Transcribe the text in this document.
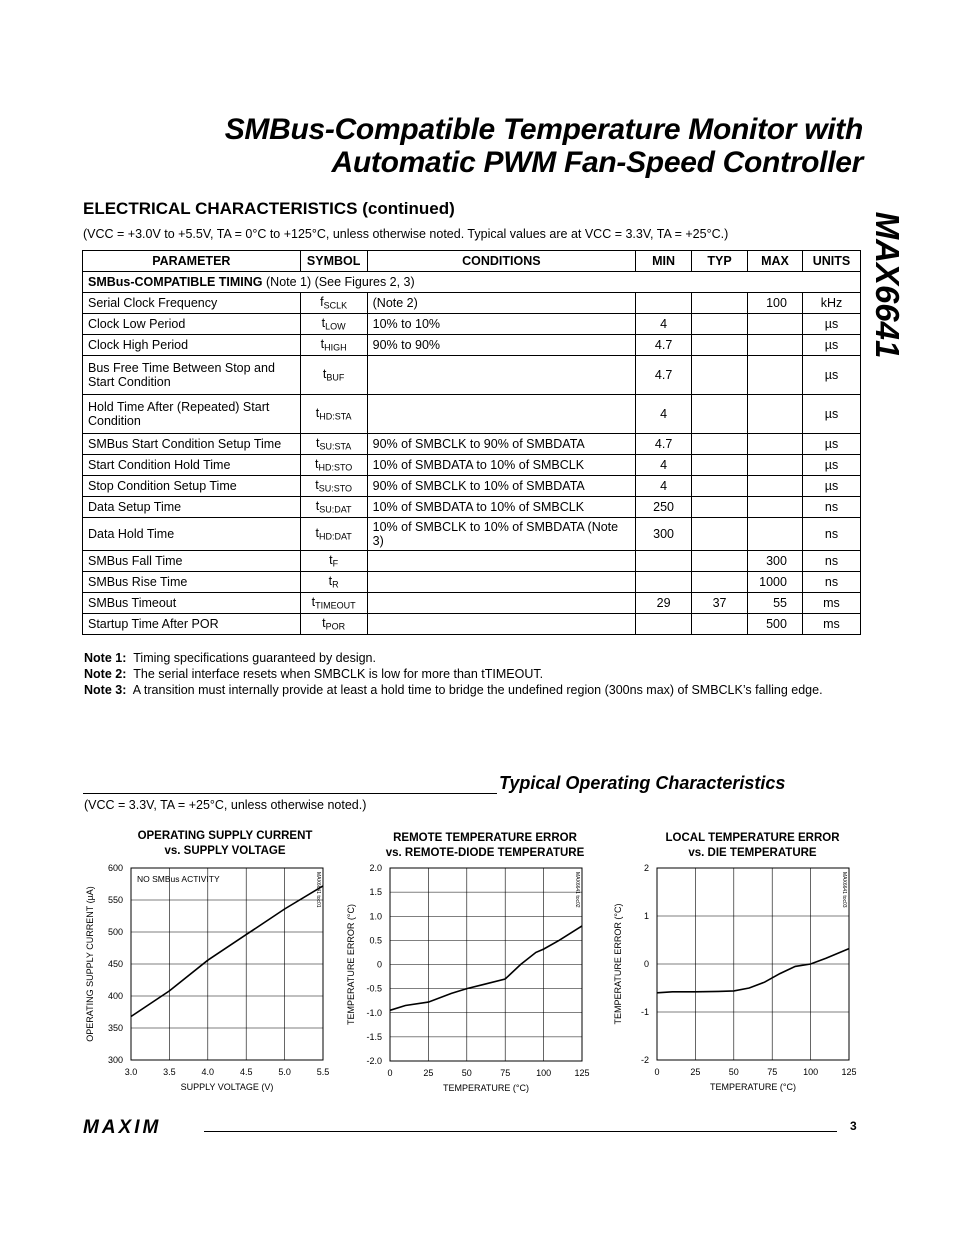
SMBus-Compatible Temperature Monitor with
Automatic PWM Fan-Speed Controller
MAX6641
ELECTRICAL CHARACTERISTICS (continued)
(VCC = +3.0V to +5.5V, TA = 0°C to +125°C, unless otherwise noted. Typical values are at VCC = 3.3V, TA = +25°C.)
PARAMETER	SYMBOL	CONDITIONS	MIN	TYP	MAX	UNITS
SMBus-COMPATIBLE TIMING (Note 1) (See Figures 2, 3)						
Serial Clock Frequency	$f_{SCLK}$	(Note 2)			100	kHz
Clock Low Period	$t_{LOW}$	10% to 10%	4			µs
Clock High Period	$t_{HIGH}$	90% to 90%	4.7			µs
Bus Free Time Between Stop and Start Condition	$t_{BUF}$		4.7			µs
Hold Time After (Repeated) Start Condition	$t_{HD:STA}$		4			µs
SMBus Start Condition Setup Time	$t_{SU:STA}$	90% of SMBCLK to 90% of SMBDATA	4.7			µs
Start Condition Hold Time	$t_{HD:STO}$	10% of SMBDATA to 10% of SMBCLK	4			µs
Stop Condition Setup Time	$t_{SU:STO}$	90% of SMBCLK to 10% of SMBDATA	4			µs
Data Setup Time	$t_{SU:DAT}$	10% of SMBDATA to 10% of SMBCLK	250			ns
Data Hold Time	$t_{HD:DAT}$	10% of SMBCLK to 10% of SMBDATA (Note 3)	300			ns
SMBus Fall Time	$t_F$				300	ns
SMBus Rise Time	$t_R$				1000	ns
SMBus Timeout	$t_{TIMEOUT}$		29	37	55	ms
Startup Time After POR	$t_{POR}$				500	ms
Note 1: Timing specifications guaranteed by design.
Note 2: The serial interface resets when SMBCLK is low for more than tTIMEOUT.
Note 3: A transition must internally provide at least a hold time to bridge the undefined region (300ns max) of SMBCLK’s falling edge.
Typical Operating Characteristics
(VCC = 3.3V, TA = +25°C, unless otherwise noted.)
OPERATING SUPPLY CURRENT vs. SUPPLY VOLTAGE
REMOTE TEMPERATURE ERROR vs. REMOTE-DIODE TEMPERATURE
LOCAL TEMPERATURE ERROR vs. DIE TEMPERATURE
3.0	3.5	4.0	4.5	5.0	5.5
300
350
400
450
500
550
600
SUPPLY VOLTAGE (V)
OPERATING SUPPLY CURRENT (µA)	MAX6641 toc01
NO SMBus ACTIVITY
0	25	50	75	100	125
-2.0
-1.5
-1.0
-0.5
0
0.5
1.0
1.5
2.0
TEMPERATURE (°C)
TEMPERATURE ERROR (°C)
MAX6641 toc02
0	25	50	75	100	125
-2
-1
0
1
2
TEMPERATURE (°C)
TEMPERATURE ERROR (°C)
MAX6641 toc03
MAXIM	3
